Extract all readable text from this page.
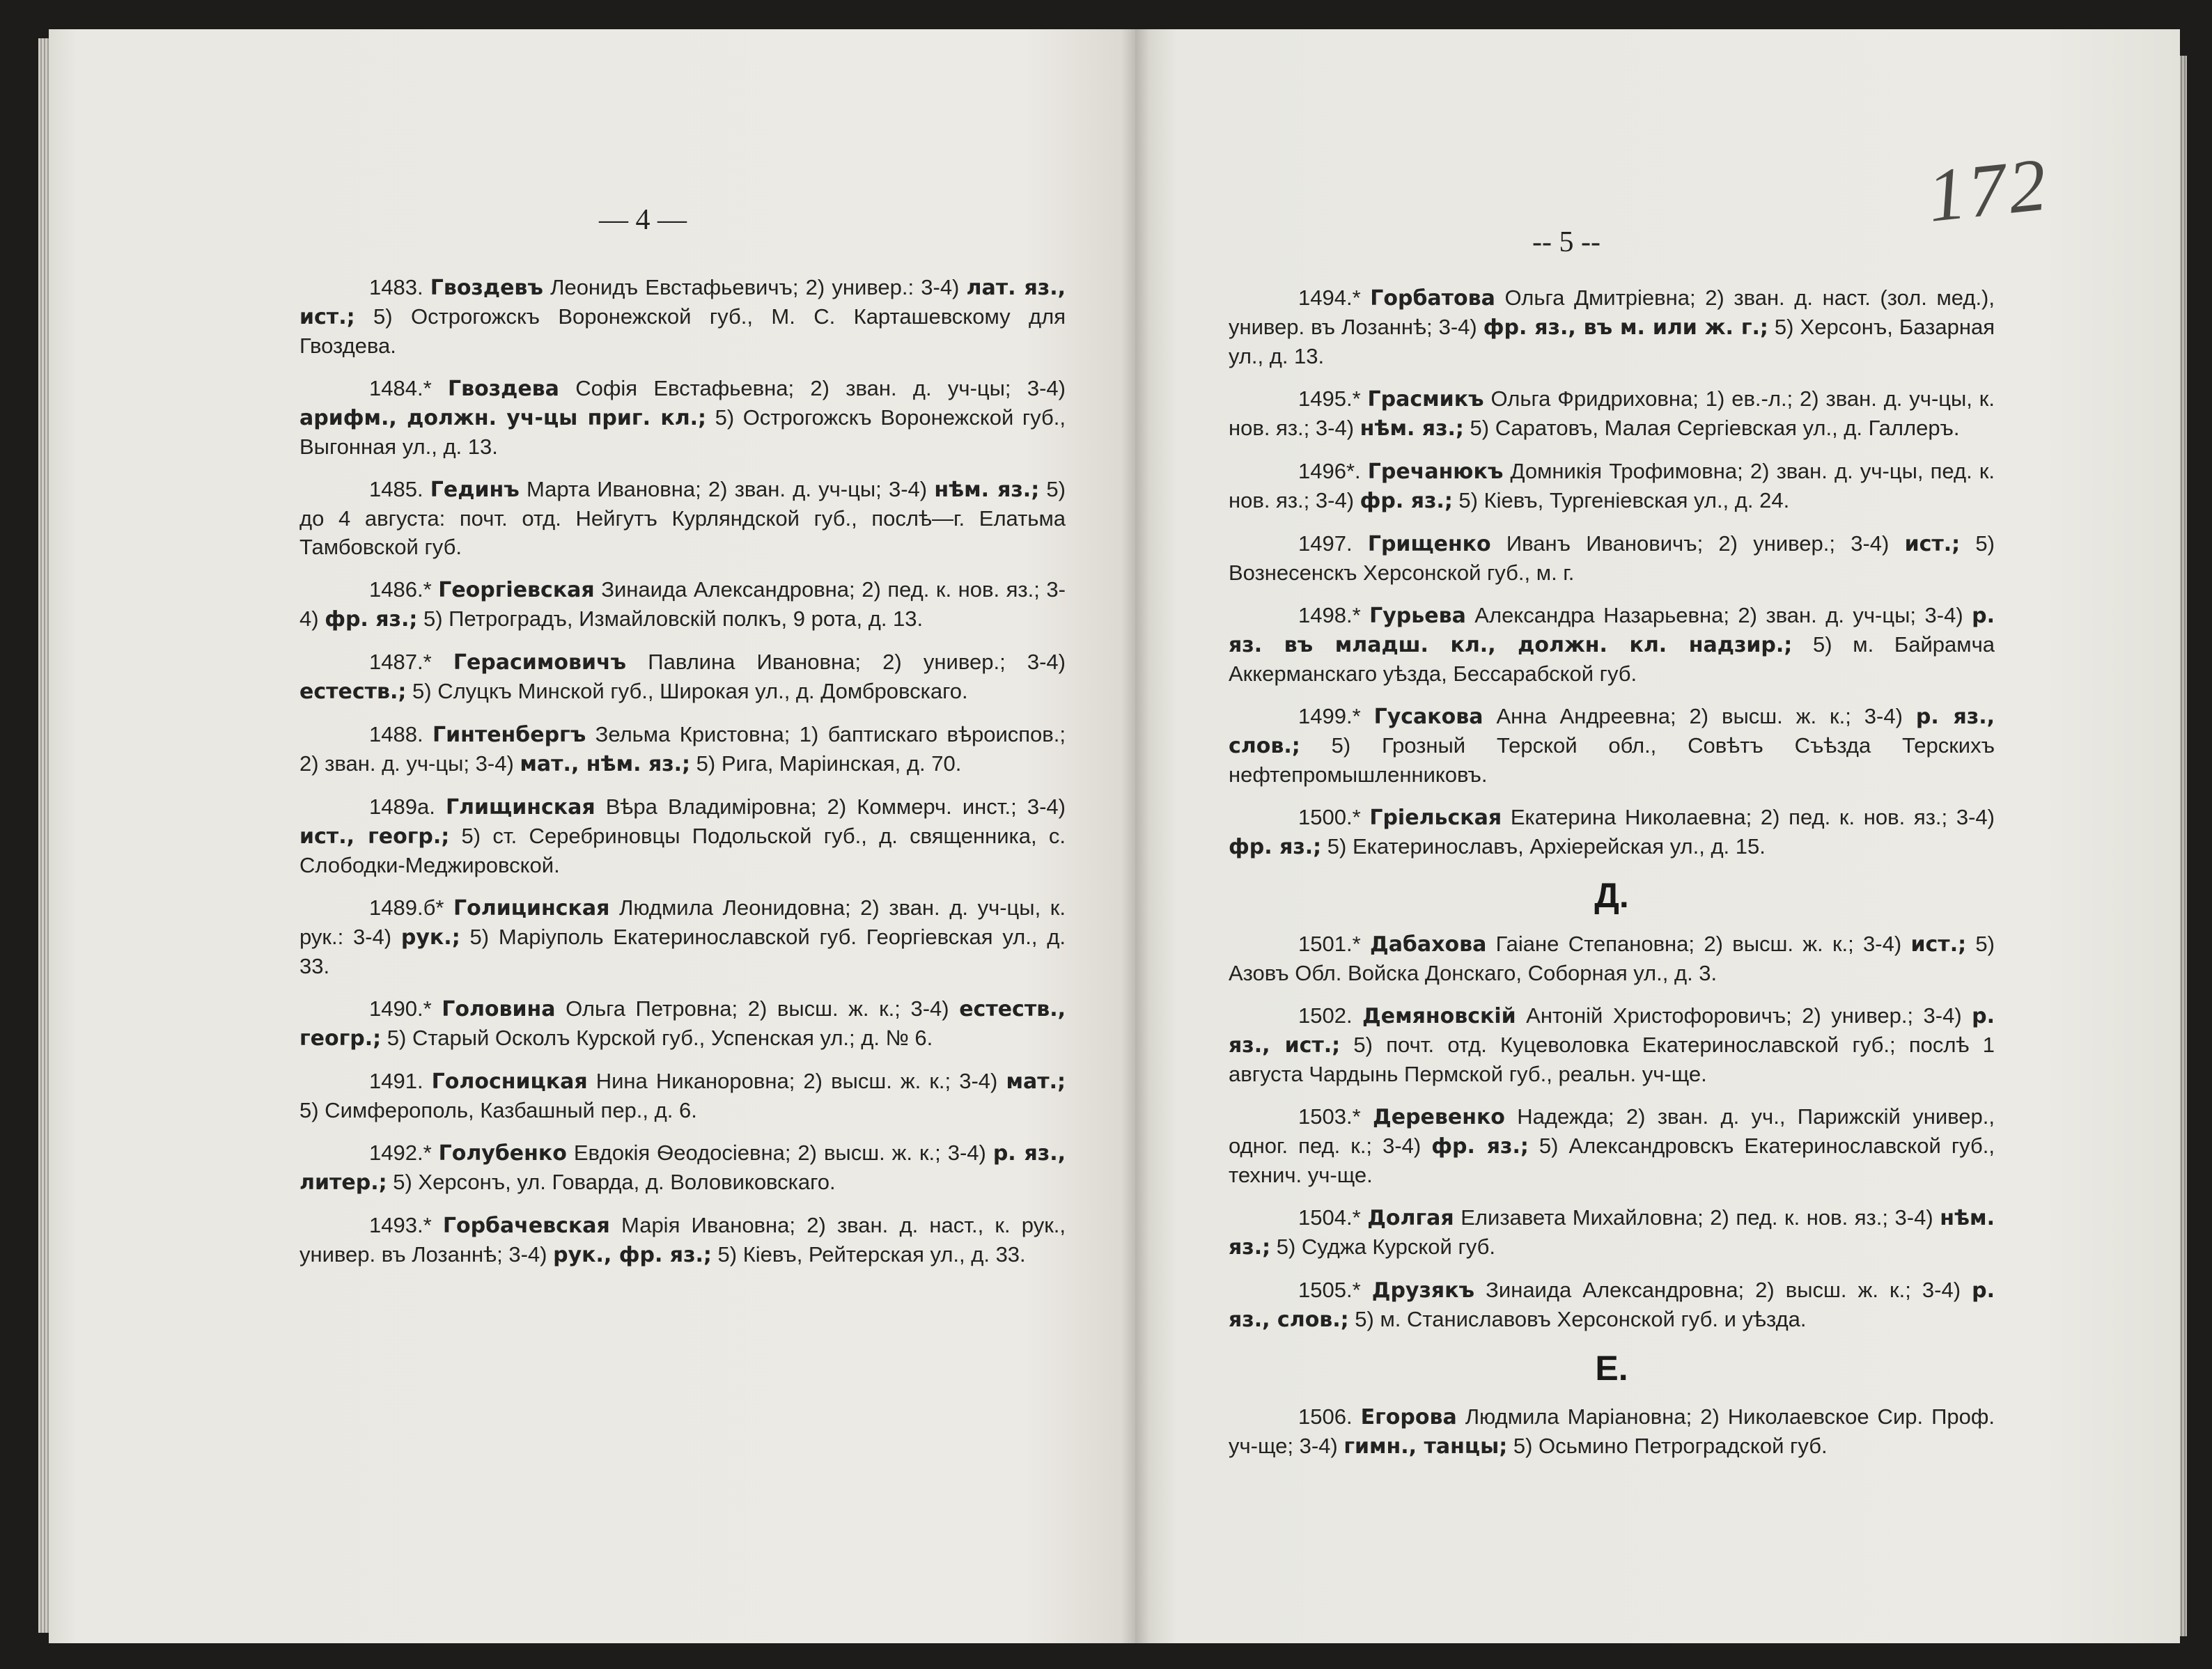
— 4 —
1483. Гвоздевъ Леонидъ Евстафьевичъ; 2) универ.: 3-4) лат. яз., ист.; 5) Острогожскъ Воронежской губ., М. С. Карташевскому для Гвоздева.
1484.* Гвоздева Софія Евстафьевна; 2) зван. д. уч-цы; 3-4) арифм., должн. уч-цы приг. кл.; 5) Острогожскъ Воронежской губ., Выгонная ул., д. 13.
1485. Гединъ Марта Ивановна; 2) зван. д. уч-цы; 3-4) нѣм. яз.; 5) до 4 августа: почт. отд. Нейгутъ Курляндской губ., послѣ—г. Елатьма Тамбовской губ.
1486.* Георгіевская Зинаида Александровна; 2) пед. к. нов. яз.; 3-4) фр. яз.; 5) Петроградъ, Измайловскій полкъ, 9 рота, д. 13.
1487.* Герасимовичъ Павлина Ивановна; 2) универ.; 3-4) естеств.; 5) Слуцкъ Минской губ., Широкая ул., д. Домбровскаго.
1488. Гинтенбергъ Зельма Кристовна; 1) баптискаго вѣроиспов.; 2) зван. д. уч-цы; 3-4) мат., нѣм. яз.; 5) Рига, Маріинская, д. 70.
1489а. Глищинская Вѣра Владиміровна; 2) Коммерч. инст.; 3-4) ист., геогр.; 5) ст. Серебриновцы Подольской губ., д. священника, с. Слободки-Меджировской.
1489.б* Голицинская Людмила Леонидовна; 2) зван. д. уч-цы, к. рук.: 3-4) рук.; 5) Маріуполь Екатеринославской губ. Георгіевская ул., д. 33.
1490.* Головина Ольга Петровна; 2) высш. ж. к.; 3-4) естеств., геогр.; 5) Старый Осколъ Курской губ., Успенская ул.; д. № 6.
1491. Голосницкая Нина Никаноровна; 2) высш. ж. к.; 3-4) мат.; 5) Симферополь, Казбашный пер., д. 6.
1492.* Голубенко Евдокія Ѳеодосіевна; 2) высш. ж. к.; 3-4) р. яз., литер.; 5) Херсонъ, ул. Говарда, д. Воловиковскаго.
1493.* Горбачевская Марія Ивановна; 2) зван. д. наст., к. рук., универ. въ Лозаннѣ; 3-4) рук., фр. яз.; 5) Кіевъ, Рейтерская ул., д. 33.
-- 5 --
172
1494.* Горбатова Ольга Дмитріевна; 2) зван. д. наст. (зол. мед.), универ. въ Лозаннѣ; 3-4) фр. яз., въ м. или ж. г.; 5) Херсонъ, Базарная ул., д. 13.
1495.* Грасмикъ Ольга Фридриховна; 1) ев.-л.; 2) зван. д. уч-цы, к. нов. яз.; 3-4) нѣм. яз.; 5) Саратовъ, Малая Сергіевская ул., д. Галлеръ.
1496*. Гречанюкъ Домникія Трофимовна; 2) зван. д. уч-цы, пед. к. нов. яз.; 3-4) фр. яз.; 5) Кіевъ, Тургеніевская ул., д. 24.
1497. Грищенко Иванъ Ивановичъ; 2) универ.; 3-4) ист.; 5) Вознесенскъ Херсонской губ., м. г.
1498.* Гурьева Александра Назарьевна; 2) зван. д. уч-цы; 3-4) р. яз. въ младш. кл., должн. кл. надзир.; 5) м. Байрамча Аккерманскаго уѣзда, Бессарабской губ.
1499.* Гусакова Анна Андреевна; 2) высш. ж. к.; 3-4) р. яз., слов.; 5) Грозный Терской обл., Совѣтъ Съѣзда Терскихъ нефтепромышленниковъ.
1500.* Гріельская Екатерина Николаевна; 2) пед. к. нов. яз.; 3-4) фр. яз.; 5) Екатеринославъ, Архіерейская ул., д. 15.
Д.
1501.* Дабахова Гаіане Степановна; 2) высш. ж. к.; 3-4) ист.; 5) Азовъ Обл. Войска Донскаго, Соборная ул., д. 3.
1502. Демяновскій Антоній Христофоровичъ; 2) универ.; 3-4) р. яз., ист.; 5) почт. отд. Куцеволовка Екатеринославской губ.; послѣ 1 августа Чардынь Пермской губ., реальн. уч-ще.
1503.* Деревенко Надежда; 2) зван. д. уч., Парижскій универ., одног. пед. к.; 3-4) фр. яз.; 5) Александровскъ Екатеринославской губ., технич. уч-ще.
1504.* Долгая Елизавета Михайловна; 2) пед. к. нов. яз.; 3-4) нѣм. яз.; 5) Суджа Курской губ.
1505.* Друзякъ Зинаида Александровна; 2) высш. ж. к.; 3-4) р. яз., слов.; 5) м. Станиславовъ Херсонской губ. и уѣзда.
Е.
1506. Егорова Людмила Маріановна; 2) Николаевское Сир. Проф. уч-ще; 3-4) гимн., танцы; 5) Осьмино Петроградской губ.
